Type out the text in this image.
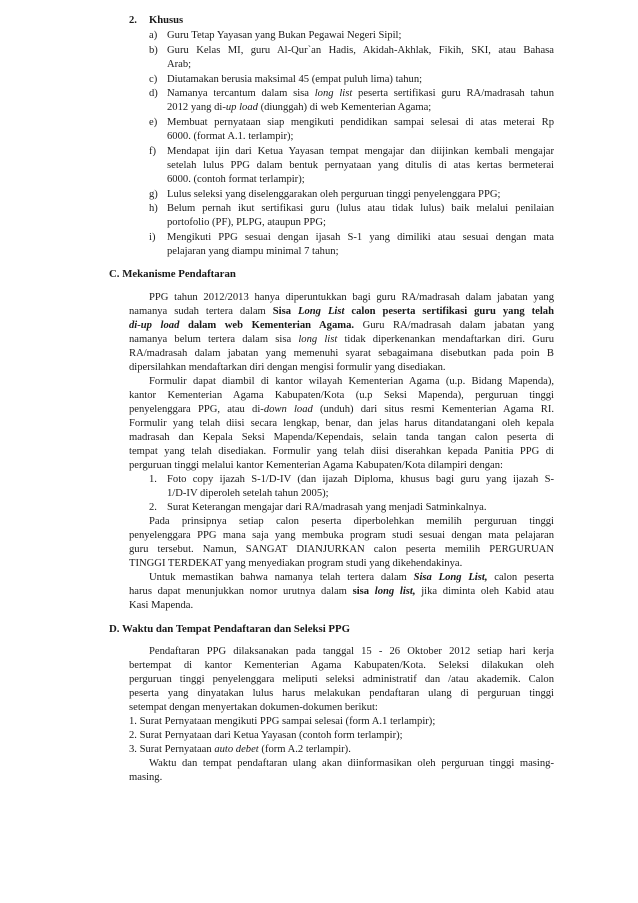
2. Khusus
a) Guru Tetap Yayasan yang Bukan Pegawai Negeri Sipil;
b) Guru Kelas MI, guru Al-Qur`an Hadis, Akidah-Akhlak, Fikih, SKI, atau Bahasa
Arab;
c) Diutamakan berusia maksimal 45 (empat puluh lima) tahun;
d) Namanya tercantum dalam sisa long list peserta sertifikasi guru RA/madrasah tahun
2012 yang di-up load (diunggah) di web Kementerian Agama;
e) Membuat pernyataan siap mengikuti pendidikan sampai selesai di atas meterai Rp
6000. (format A.1. terlampir);
f) Mendapat ijin dari Ketua Yayasan tempat mengajar dan diijinkan kembali mengajar
setelah lulus PPG dalam bentuk pernyataan yang ditulis di atas kertas bermeterai
6000. (contoh format terlampir);
g) Lulus seleksi yang diselenggarakan oleh perguruan tinggi penyelenggara PPG;
h) Belum pernah ikut sertifikasi guru (lulus atau tidak lulus) baik melalui penilaian
portofolio (PF), PLPG, ataupun PPG;
i) Mengikuti PPG sesuai dengan ijasah S-1 yang dimiliki atau sesuai dengan mata
pelajaran yang diampu minimal 7 tahun;
C. Mekanisme Pendaftaran
PPG tahun 2012/2013 hanya diperuntukkan bagi guru RA/madrasah dalam jabatan yang
namanya sudah tertera dalam Sisa Long List calon peserta sertifikasi guru yang telah
di-up load dalam web Kementerian Agama. Guru RA/madrasah dalam jabatan yang
namanya belum tertera dalam sisa long list tidak diperkenankan mendaftarkan diri. Guru
RA/madrasah dalam jabatan yang memenuhi syarat sebagaimana disebutkan pada poin B
dipersilahkan mendaftarkan diri dengan mengisi formulir yang disediakan.
Formulir dapat diambil di kantor wilayah Kementerian Agama (u.p. Bidang Mapenda),
kantor Kementerian Agama Kabupaten/Kota (u.p Seksi Mapenda), perguruan tinggi
penyelenggara PPG, atau di-down load (unduh) dari situs resmi Kementerian Agama RI.
Formulir yang telah diisi secara lengkap, benar, dan jelas harus ditandatangani oleh kepala
madrasah dan Kepala Seksi Mapenda/Kependais, selain tanda tangan calon peserta di
tempat yang telah disediakan. Formulir yang telah diisi diserahkan kepada Panitia PPG di
perguruan tinggi melalui kantor Kementerian Agama Kabupaten/Kota dilampiri dengan:
1. Foto copy ijazah S-1/D-IV (dan ijazah Diploma, khusus bagi guru yang ijazah S-
1/D-IV diperoleh setelah tahun 2005);
2. Surat Keterangan mengajar dari RA/madrasah yang menjadi Satminkalnya.
Pada prinsipnya setiap calon peserta diperbolehkan memilih perguruan tinggi
penyelenggara PPG mana saja yang membuka program studi sesuai dengan mata pelajaran
guru tersebut. Namun, SANGAT DIANJURKAN calon peserta memilih PERGURUAN
TINGGI TERDEKAT yang menyediakan program studi yang dikehendakinya.
Untuk memastikan bahwa namanya telah tertera dalam Sisa Long List, calon peserta
harus dapat menunjukkan nomor urutnya dalam sisa long list, jika diminta oleh Kabid atau
Kasi Mapenda.
D. Waktu dan Tempat Pendaftaran dan Seleksi PPG
Pendaftaran PPG dilaksanakan pada tanggal 15 - 26 Oktober 2012 setiap hari kerja
bertempat di kantor Kementerian Agama Kabupaten/Kota. Seleksi dilakukan oleh
perguruan tinggi penyelenggara meliputi seleksi administratif dan /atau akademik. Calon
peserta yang dinyatakan lulus harus melakukan pendaftaran ulang di perguruan tinggi
setempat dengan menyertakan dokumen-dokumen berikut:
1. Surat Pernyataan mengikuti PPG sampai selesai (form A.1 terlampir);
2. Surat Pernyataan dari Ketua Yayasan (contoh form terlampir);
3. Surat Pernyataan auto debet (form A.2 terlampir).
Waktu dan tempat pendaftaran ulang akan diinformasikan oleh perguruan tinggi masing-
masing.
